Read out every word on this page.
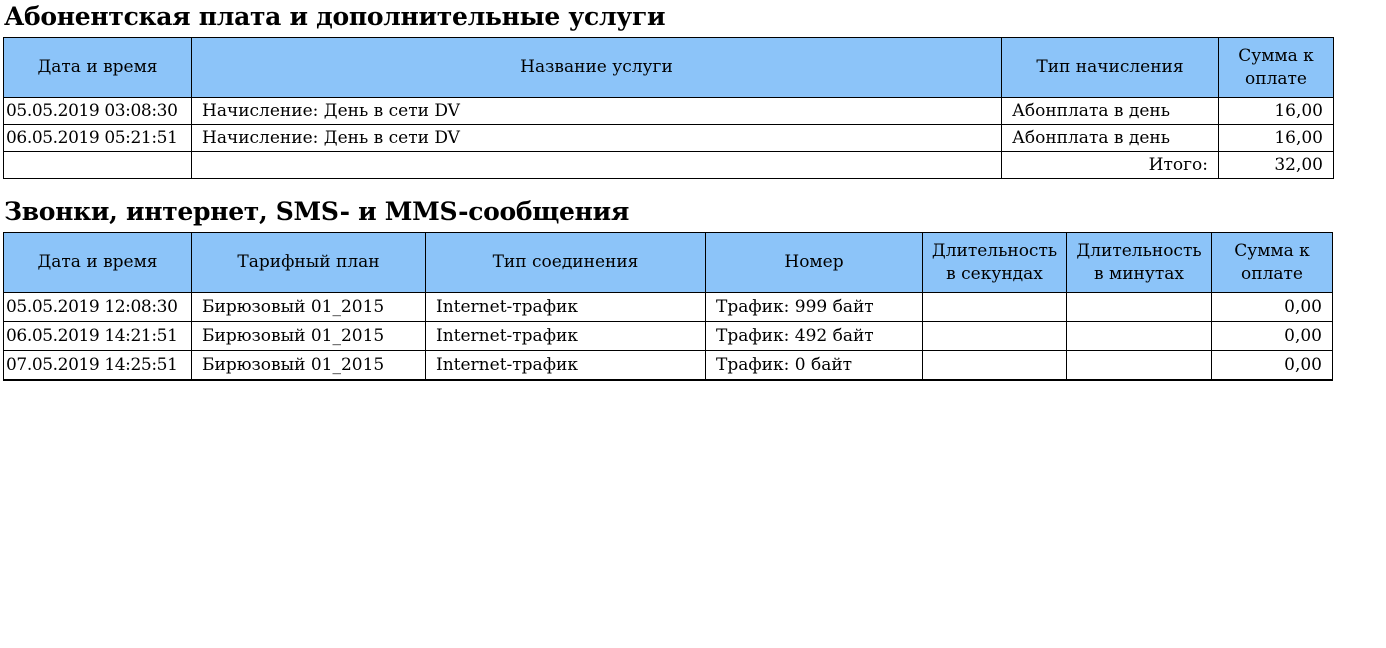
Абонентская плата и дополнительные услуги
Дата и время	Название услуги	Тип начисления	Сумма к оплате
05.05.2019 03:08:30	Начисление: День в сети DV	Абонплата в день	16,00
06.05.2019 05:21:51	Начисление: День в сети DV	Абонплата в день	16,00
		Итого:	32,00
Звонки, интернет, SMS- и MMS-сообщения
Дата и время	Тарифный план	Тип соединения	Номер	Длительность в секундах	Длительность в минутах	Сумма к оплате
05.05.2019 12:08:30	Бирюзовый 01_2015	Internet-трафик	Трафик: 999 байт			0,00
06.05.2019 14:21:51	Бирюзовый 01_2015	Internet-трафик	Трафик: 492 байт			0,00
07.05.2019 14:25:51	Бирюзовый 01_2015	Internet-трафик	Трафик: 0 байт			0,00
